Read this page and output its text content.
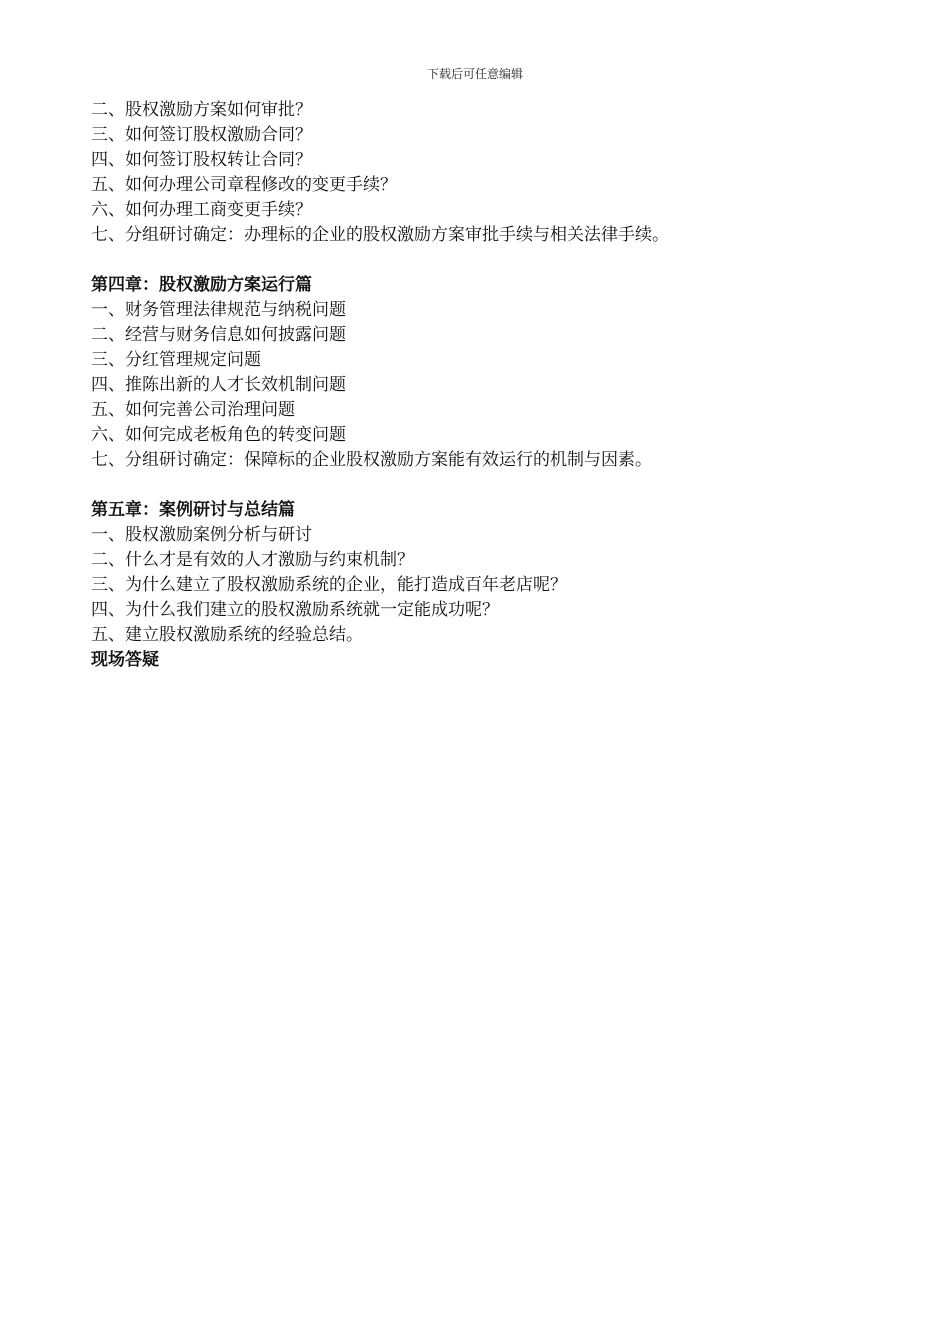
下载后可任意编辑
二、股权激励方案如何审批？
三、如何签订股权激励合同？
四、如何签订股权转让合同？
五、如何办理公司章程修改的变更手续？
六、如何办理工商变更手续？
七、分组研讨确定：办理标的企业的股权激励方案审批手续与相关法律手续。
第四章：股权激励方案运行篇
一、财务管理法律规范与纳税问题
二、经营与财务信息如何披露问题
三、分红管理规定问题
四、推陈出新的人才长效机制问题
五、如何完善公司治理问题
六、如何完成老板角色的转变问题
七、分组研讨确定：保障标的企业股权激励方案能有效运行的机制与因素。
第五章：案例研讨与总结篇
一、股权激励案例分析与研讨
二、什么才是有效的人才激励与约束机制？
三、为什么建立了股权激励系统的企业，能打造成百年老店呢？
四、为什么我们建立的股权激励系统就一定能成功呢？
五、建立股权激励系统的经验总结。
现场答疑
